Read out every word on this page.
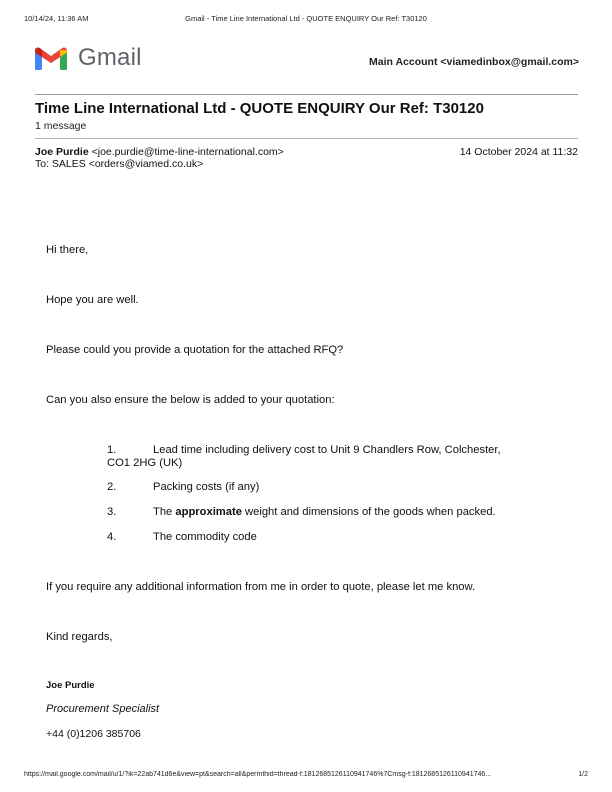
10/14/24, 11:36 AM	Gmail - Time Line International Ltd - QUOTE ENQUIRY Our Ref: T30120
Gmail	Main Account <viamedinbox@gmail.com>
Time Line International Ltd - QUOTE ENQUIRY Our Ref: T30120
1 message
Joe Purdie <joe.purdie@time-line-international.com>
To: SALES <orders@viamed.co.uk>
14 October 2024 at 11:32
Hi there,
Hope you are well.
Please could you provide a quotation for the attached RFQ?
Can you also ensure the below is added to your quotation:
1.	Lead time including delivery cost to Unit 9 Chandlers Row, Colchester,
CO1 2HG (UK)
2.	Packing costs (if any)
3.	The approximate weight and dimensions of the goods when packed.
4.	The commodity code
If you require any additional information from me in order to quote, please let me know.
Kind regards,
Joe Purdie
Procurement Specialist
+44 (0)1206 385706
https://mail.google.com/mail/u/1/?ik=22ab741d6e&view=pt&search=all&permthid=thread-f:1812685126110941746%7Cmsg-f:1812685126110941746...	1/2
